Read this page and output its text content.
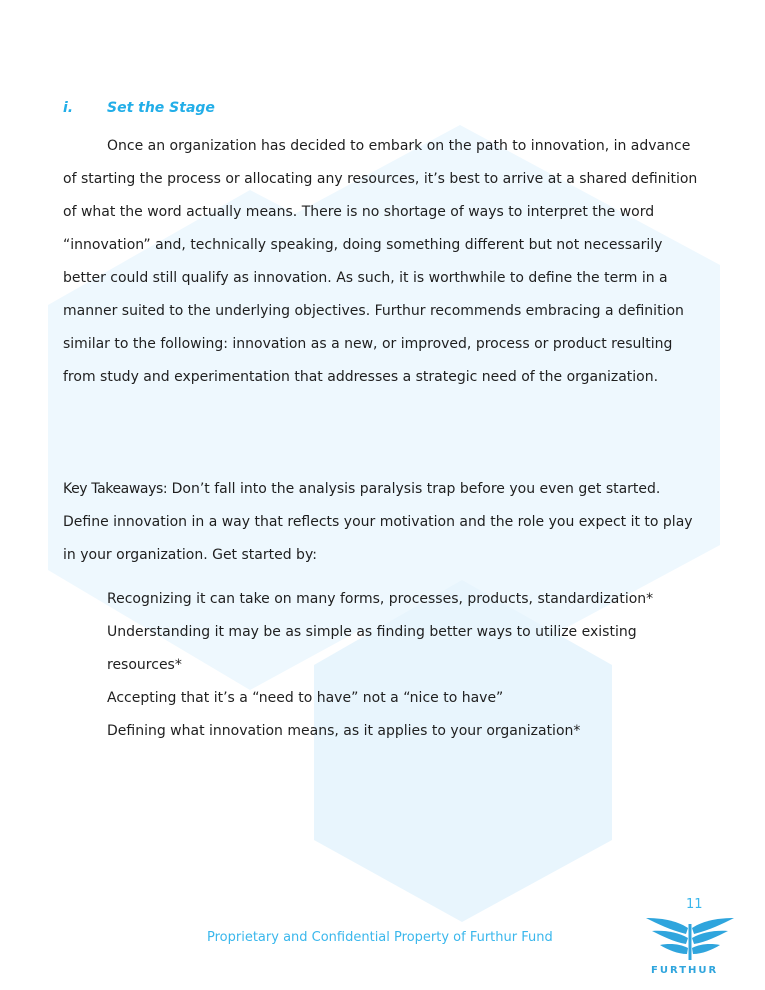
i. Set the Stage

Once an organization has decided to embark on the path to innovation, in advance of starting the process or allocating any resources, it’s best to arrive at a shared definition of what the word actually means. There is no shortage of ways to interpret the word “innovation” and, technically speaking, doing something different but not necessarily better could still qualify as innovation. As such, it is worthwhile to define the term in a manner suited to the underlying objectives. Furthur recommends embracing a definition similar to the following: innovation as a new, or improved, process or product resulting from study and experimentation that addresses a strategic need of the organization.

Key Takeaways: Don’t fall into the analysis paralysis trap before you even get started. Define innovation in a way that reflects your motivation and the role you expect it to play in your organization. Get started by:

Recognizing it can take on many forms, processes, products, standardization*
Understanding it may be as simple as finding better ways to utilize existing resources*
Accepting that it’s a “need to have” not a “nice to have”
Defining what innovation means, as it applies to your organization*
11
Proprietary and Confidential Property of Furthur Fund
FURTHUR
